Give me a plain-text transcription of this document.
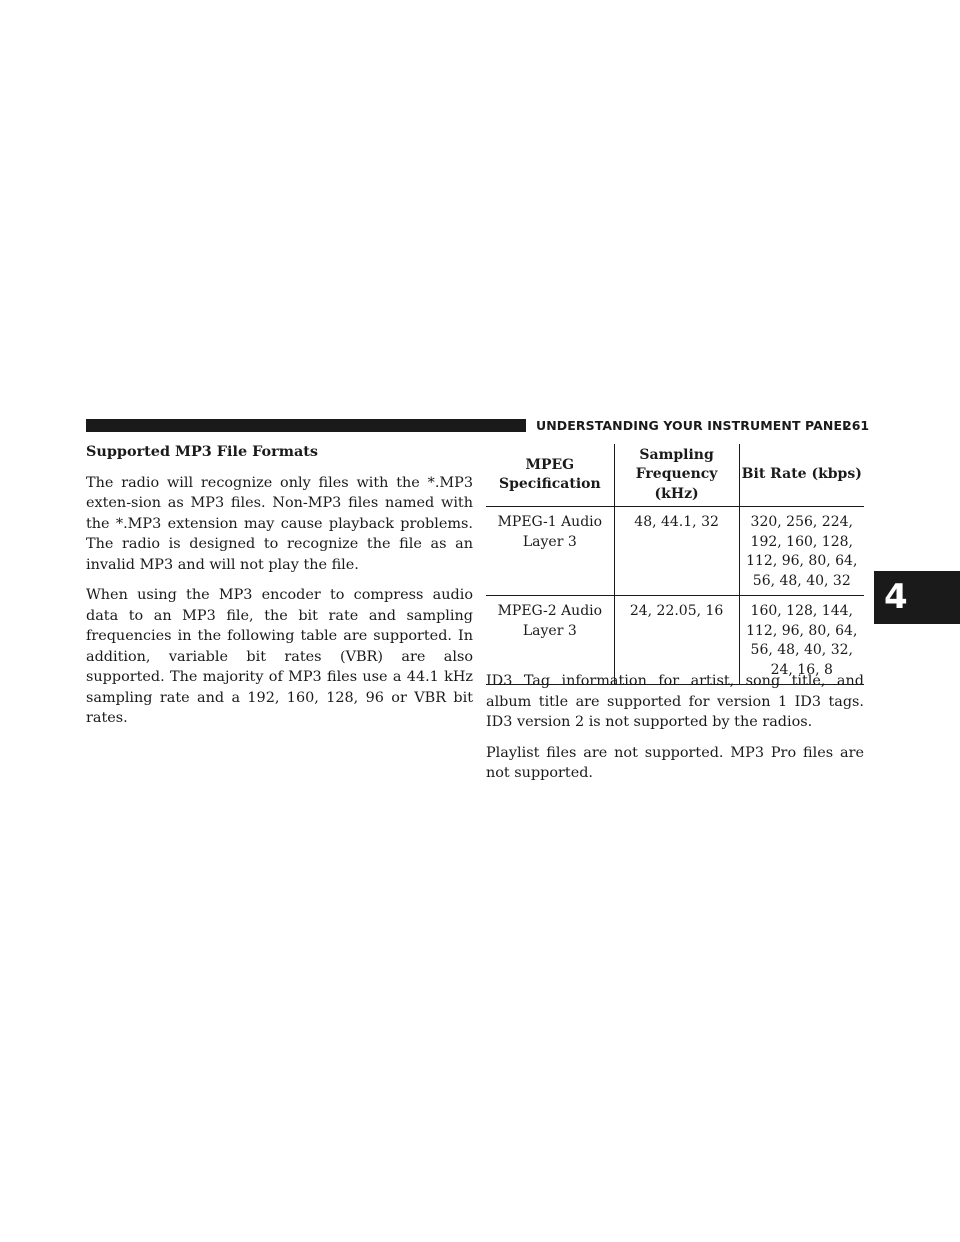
UNDERSTANDING YOUR INSTRUMENT PANEL
261
4

Supported MP3 File Formats

The radio will recognize only files with the *.MP3 exten-sion as MP3 files. Non-MP3 files named with the *.MP3 extension may cause playback problems. The radio is designed to recognize the file as an invalid MP3 and will not play the file.

When using the MP3 encoder to compress audio data to an MP3 file, the bit rate and sampling frequencies in the following table are supported. In addition, variable bit rates (VBR) are also supported. The majority of MP3 files use a 44.1 kHz sampling rate and a 192, 160, 128, 96 or VBR bit rates.

MPEG
Specification	Sampling
Frequency
(kHz)	Bit Rate (kbps)

MPEG-1 Audio
Layer 3	48, 44.1, 32	320, 256, 224,
192, 160, 128,
112, 96, 80, 64,
56, 48, 40, 32

MPEG-2 Audio
Layer 3	24, 22.05, 16	160, 128, 144,
112, 96, 80, 64,
56, 48, 40, 32,
24, 16, 8

ID3 Tag information for artist, song title, and album title are supported for version 1 ID3 tags. ID3 version 2 is not supported by the radios.

Playlist files are not supported. MP3 Pro files are not supported.
